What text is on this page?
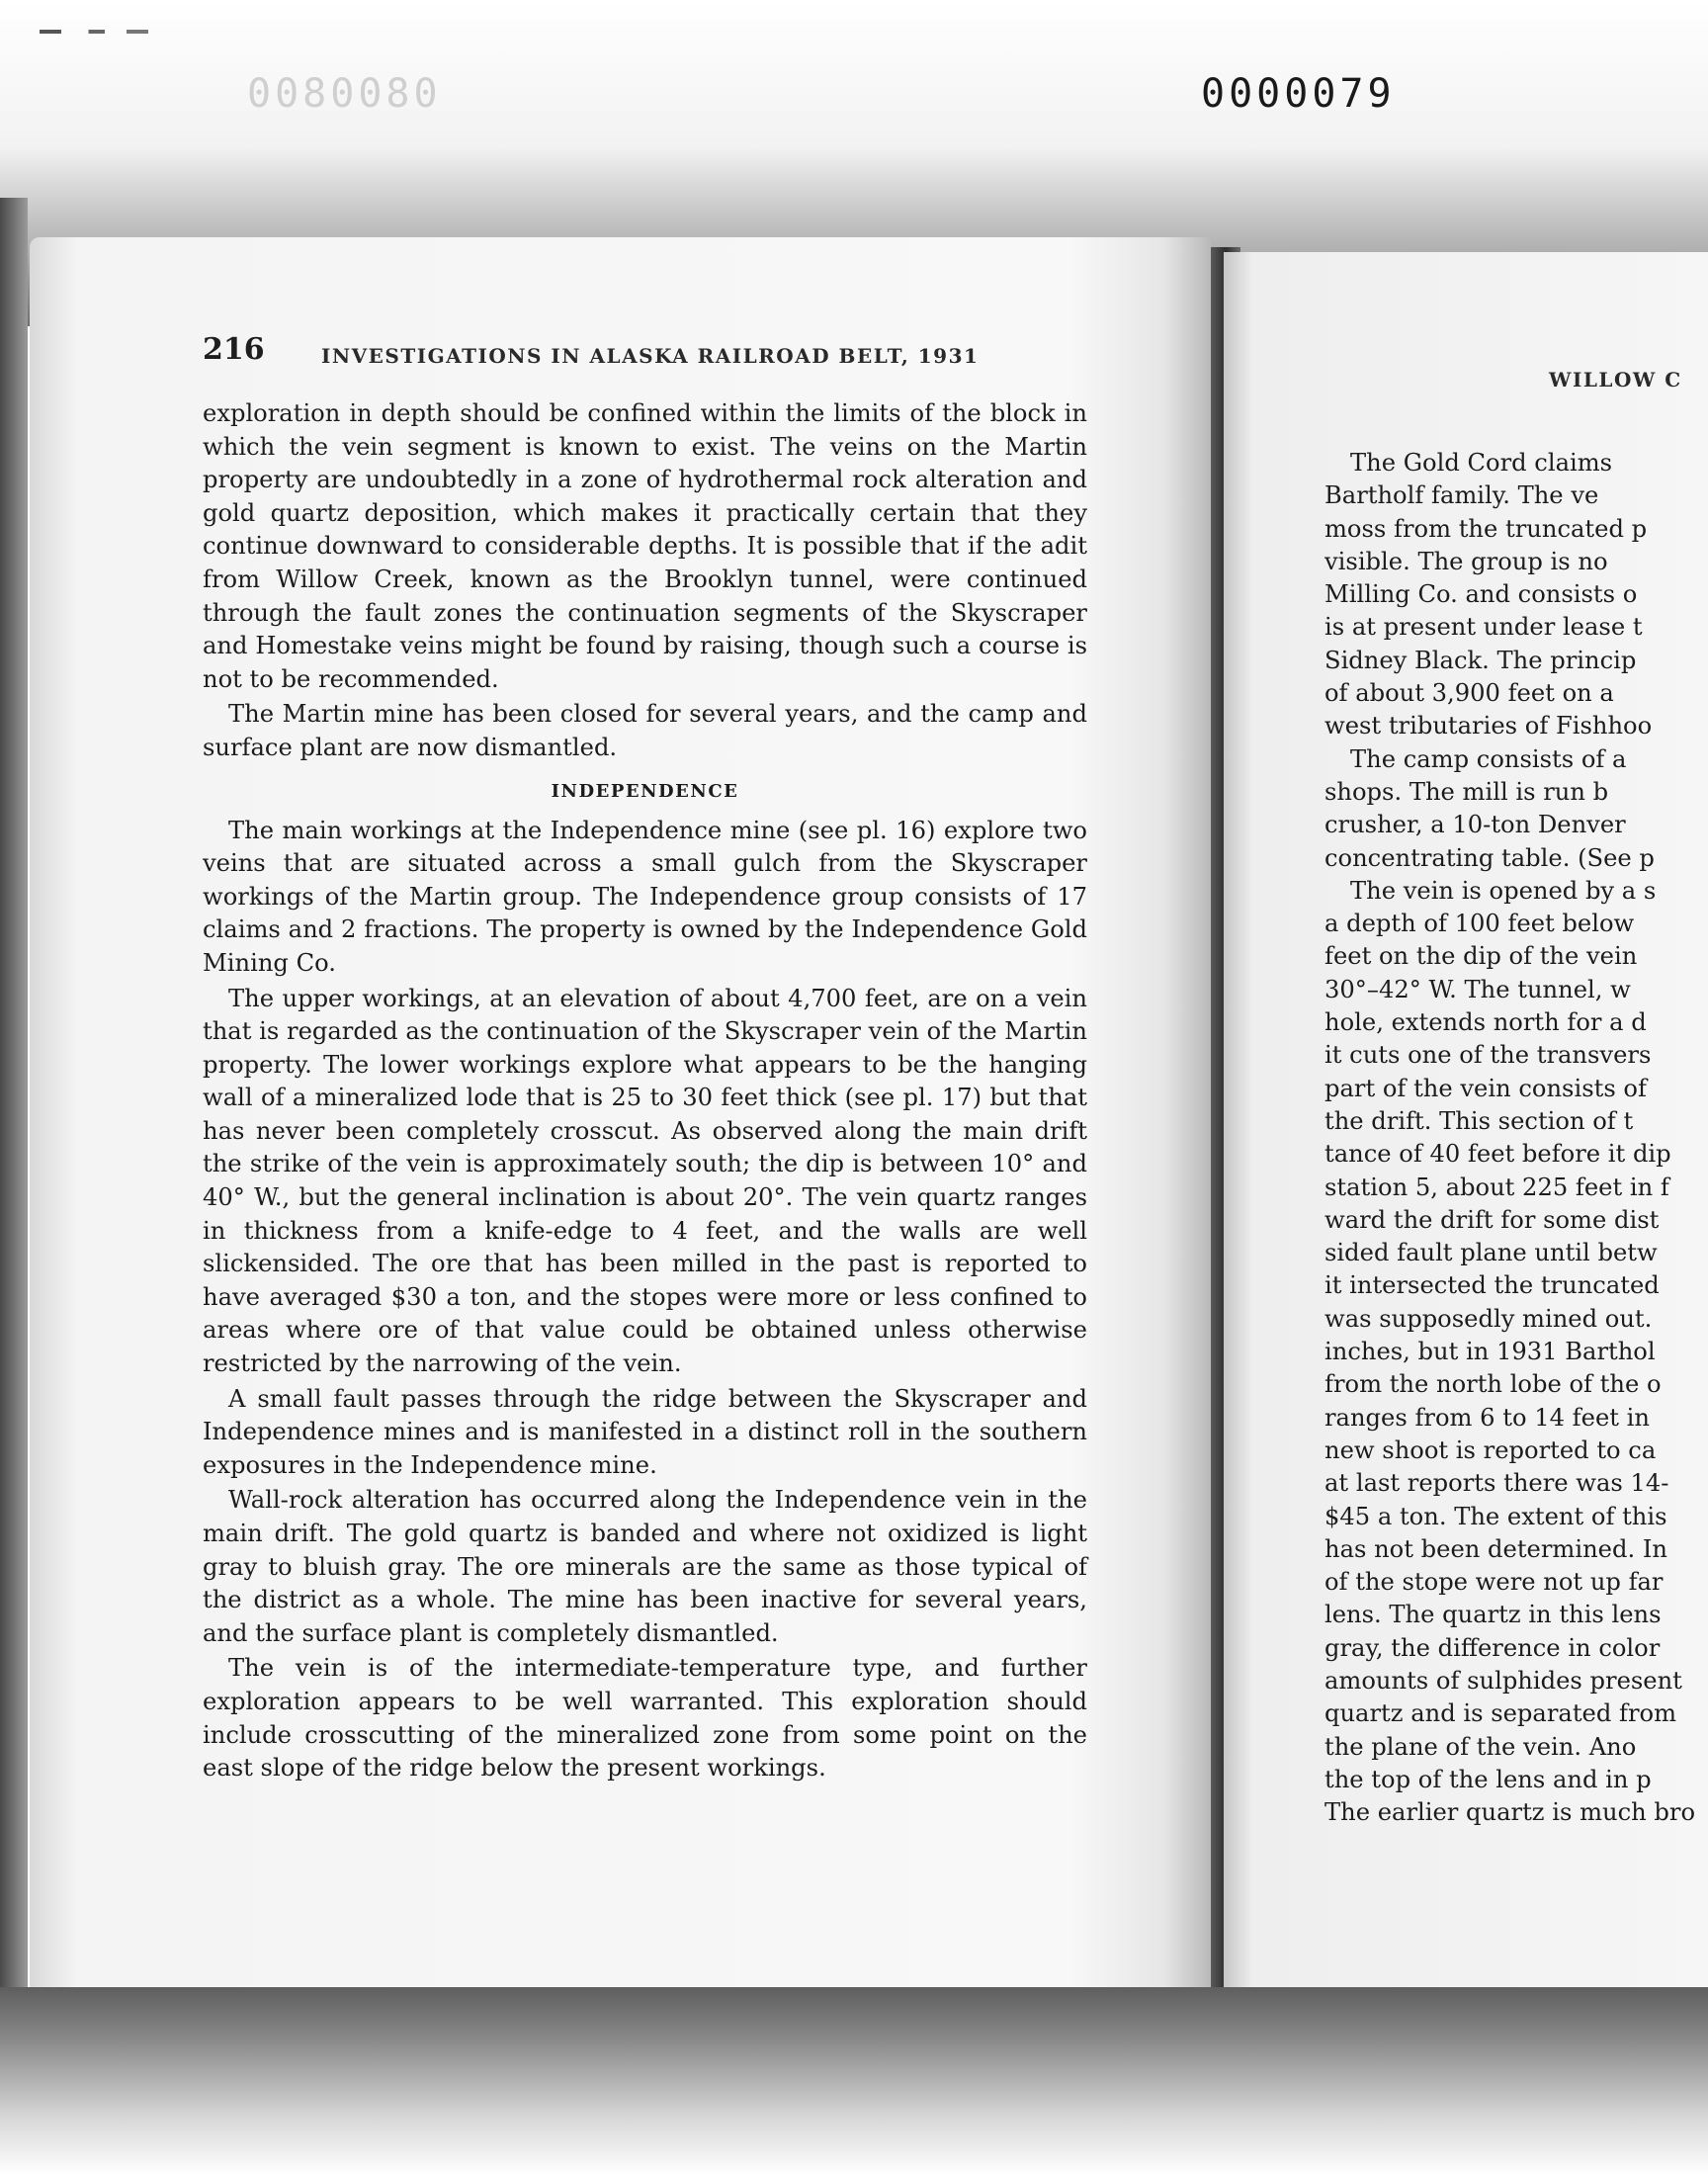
0080080	0000079
INVESTIGATIONS IN ALASKA RAILROAD BELT, 1931
216

exploration in depth should be confined within the limits of the block in which the vein segment is known to exist. The veins on the Martin property are undoubtedly in a zone of hydrothermal rock alteration and gold quartz deposition, which makes it practically certain that they continue downward to considerable depths. It is possible that if the adit from Willow Creek, known as the Brooklyn tunnel, were continued through the fault zones the continuation segments of the Skyscraper and Homestake veins might be found by raising, though such a course is not to be recommended.

The Martin mine has been closed for several years, and the camp and surface plant are now dismantled.

INDEPENDENCE

The main workings at the Independence mine (see pl. 16) explore two veins that are situated across a small gulch from the Skyscraper workings of the Martin group. The Independence group consists of 17 claims and 2 fractions. The property is owned by the Independence Gold Mining Co.

The upper workings, at an elevation of about 4,700 feet, are on a vein that is regarded as the continuation of the Skyscraper vein of the Martin property. The lower workings explore what appears to be the hanging wall of a mineralized lode that is 25 to 30 feet thick (see pl. 17) but that has never been completely crosscut. As observed along the main drift the strike of the vein is approximately south; the dip is between 10° and 40° W., but the general inclination is about 20°. The vein quartz ranges in thickness from a knife-edge to 4 feet, and the walls are well slickensided. The ore that has been milled in the past is reported to have averaged $30 a ton, and the stopes were more or less confined to areas where ore of that value could be obtained unless otherwise restricted by the narrowing of the vein.

A small fault passes through the ridge between the Skyscraper and Independence mines and is manifested in a distinct roll in the southern exposures in the Independence mine.

Wall-rock alteration has occurred along the Independence vein in the main drift. The gold quartz is banded and where not oxidized is light gray to bluish gray. The ore minerals are the same as those typical of the district as a whole. The mine has been inactive for several years, and the surface plant is completely dismantled.

The vein is of the intermediate-temperature type, and further exploration appears to be well warranted. This exploration should include crosscutting of the mineralized zone from some point on the east slope of the ridge below the present workings.

WILLOW C
The Gold Cord claims
Bartholf family. The ve
moss from the truncated p
visible. The group is no
Milling Co. and consists o
is at present under lease t
Sidney Black. The princip
of about 3,900 feet on a
west tributaries of Fishhoo
The camp consists of a
shops. The mill is run b
crusher, a 10-ton Denver
concentrating table. (See p
The vein is opened by a s
a depth of 100 feet below
feet on the dip of the vein
30°–42° W. The tunnel, w
hole, extends north for a d
it cuts one of the transvers
part of the vein consists of
the drift. This section of t
tance of 40 feet before it dip
station 5, about 225 feet in f
ward the drift for some dist
sided fault plane until betw
it intersected the truncated
was supposedly mined out.
inches, but in 1931 Barthol
from the north lobe of the o
ranges from 6 to 14 feet in
new shoot is reported to ca
at last reports there was 14-
$45 a ton. The extent of this
has not been determined. In
of the stope were not up far
lens. The quartz in this lens
gray, the difference in color
amounts of sulphides present
quartz and is separated from
the plane of the vein. Ano
the top of the lens and in p
The earlier quartz is much bro
